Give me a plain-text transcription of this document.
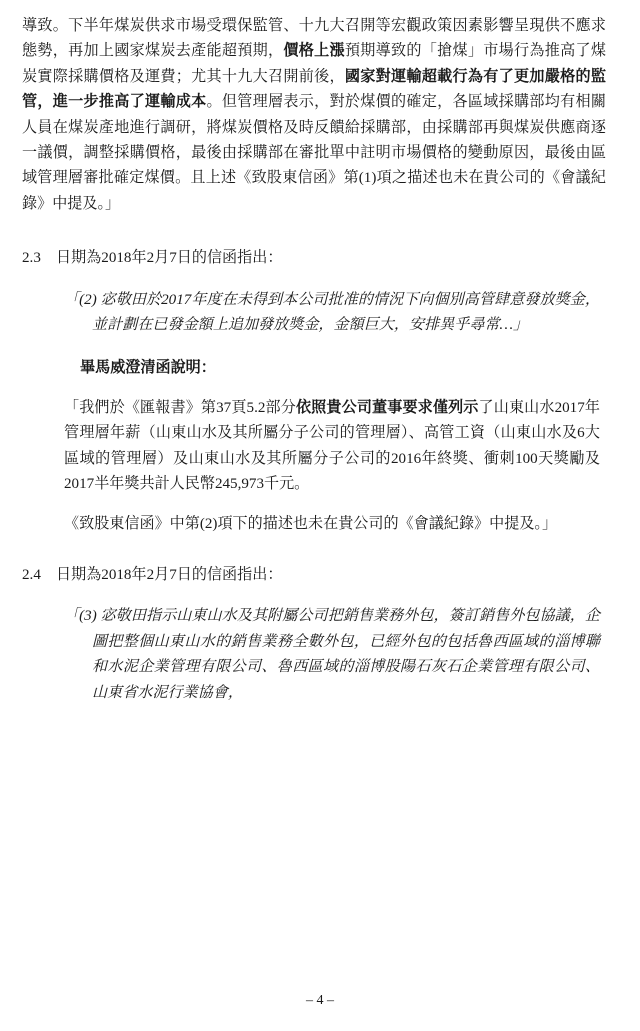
導致。下半年煤炭供求市場受環保監管、十九大召開等宏觀政策因素影響呈現供不應求態勢，再加上國家煤炭去產能超預期，價格上漲預期導致的「搶煤」市場行為推高了煤炭實際採購價格及運費；尤其十九大召開前後，國家對運輸超載行為有了更加嚴格的監管，進一步推高了運輸成本。但管理層表示，對於煤價的確定，各區域採購部均有相關人員在煤炭產地進行調研，將煤炭價格及時反饋給採購部，由採購部再與煤炭供應商逐一議價，調整採購價格，最後由採購部在審批單中註明市場價格的變動原因，最後由區域管理層審批確定煤價。且上述《致股東信函》第(1)項之描述也未在貴公司的《會議紀錄》中提及。」

2.3	日期為2018年2月7日的信函指出：
「(2) 宓敬田於2017年度在未得到本公司批准的情況下向個別高管肆意發放獎金，並計劃在已發金額上追加發放獎金，金額巨大，安排異乎尋常…」
畢馬威澄清函說明：
「我們於《匯報書》第37頁5.2部分依照貴公司董事要求僅列示了山東山水2017年管理層年薪（山東山水及其所屬分子公司的管理層）、高管工資（山東山水及6大區域的管理層）及山東山水及其所屬分子公司的2016年終獎、衝刺100天獎勵及2017半年獎共計人民幣245,973千元。
《致股東信函》中第(2)項下的描述也未在貴公司的《會議紀錄》中提及。」
2.4	日期為2018年2月7日的信函指出：
「(3) 宓敬田指示山東山水及其附屬公司把銷售業務外包，簽訂銷售外包協議，企圖把整個山東山水的銷售業務全數外包，已經外包的包括魯西區域的淄博聯和水泥企業管理有限公司、魯西區域的淄博股陽石灰石企業管理有限公司、山東省水泥行業協會，
– 4 –
